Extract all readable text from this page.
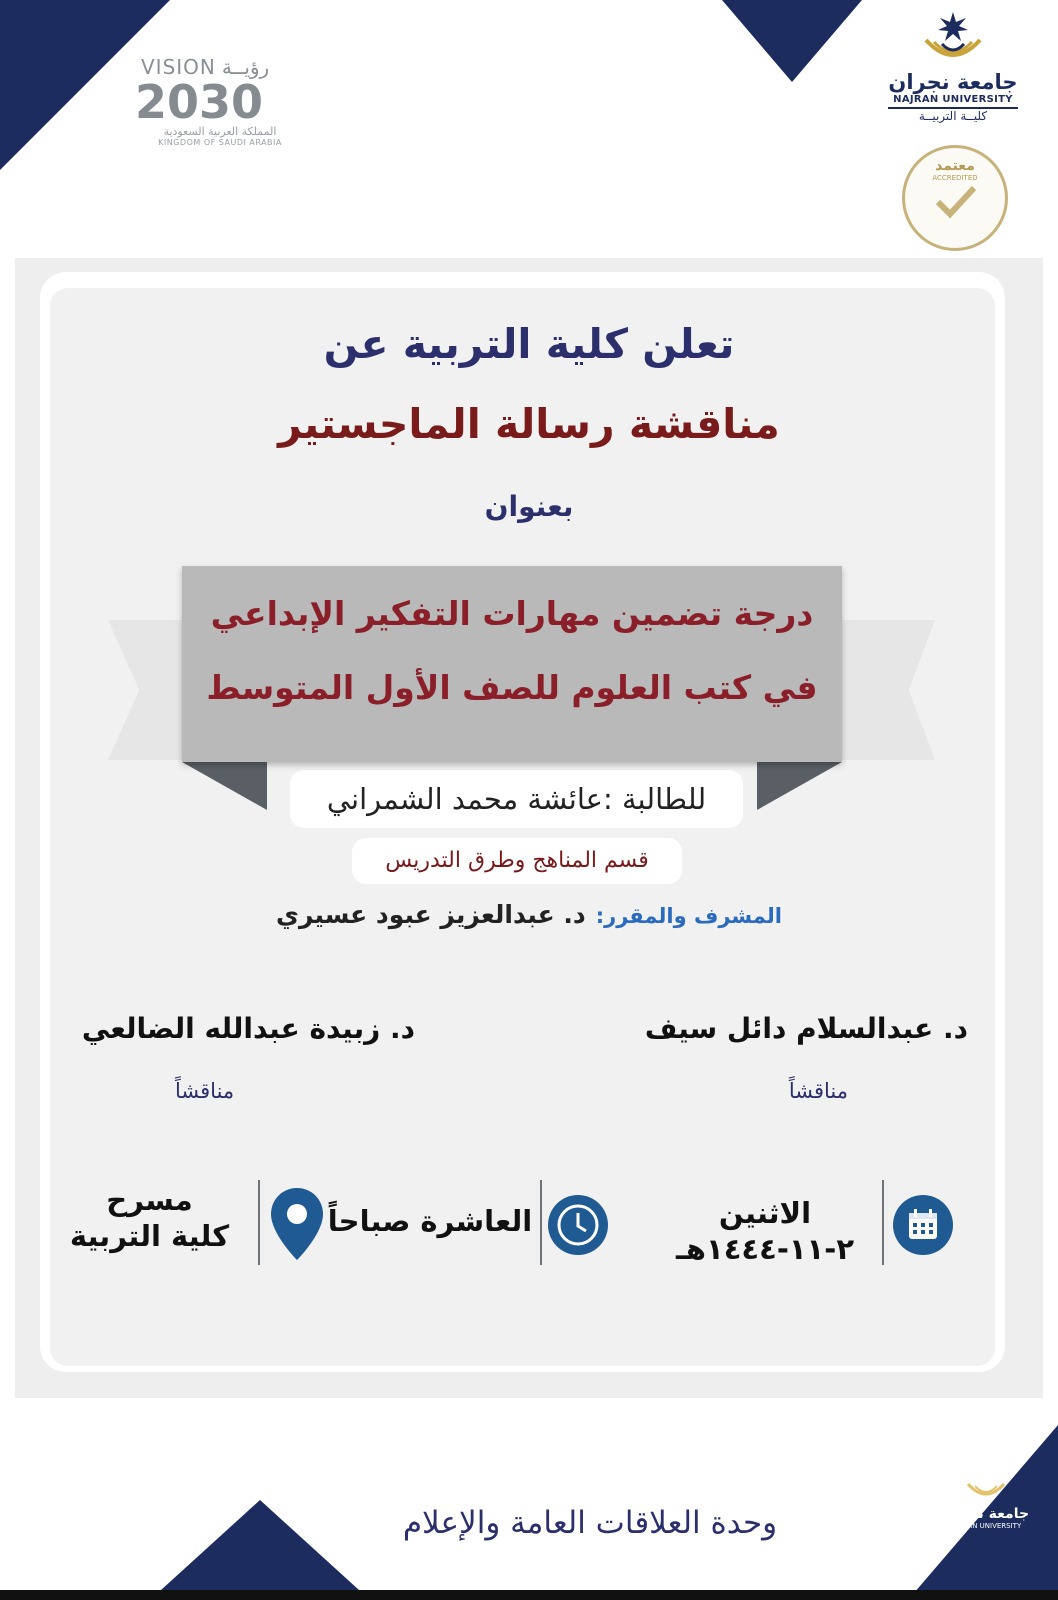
VISION رؤيــة
2030
المملكة العربية السعودية
KINGDOM OF SAUDI ARABIA
جامعة نجران
NAJRAN UNIVERSITY
كليــة التربيــة
معتمد
ACCREDITED
تعلن كلية التربية عن
مناقشة رسالة الماجستير
بعنوان
درجة تضمين مهارات التفكير الإبداعي
في كتب العلوم للصف الأول المتوسط
للطالبة :عائشة محمد الشمراني
قسم المناهج وطرق التدريس
المشرف والمقرر:د. عبدالعزيز عبود عسيري
د. عبدالسلام دائل سيف
مناقشاً
د. زبيدة عبدالله الضالعي
مناقشاً
الاثنين
٢-١١-١٤٤٤هـ
العاشرة صباحاً
مسرح
كلية التربية
وحدة العلاقات العامة والإعلام	جامعة نجران
NAJRAN UNIVERSITY
